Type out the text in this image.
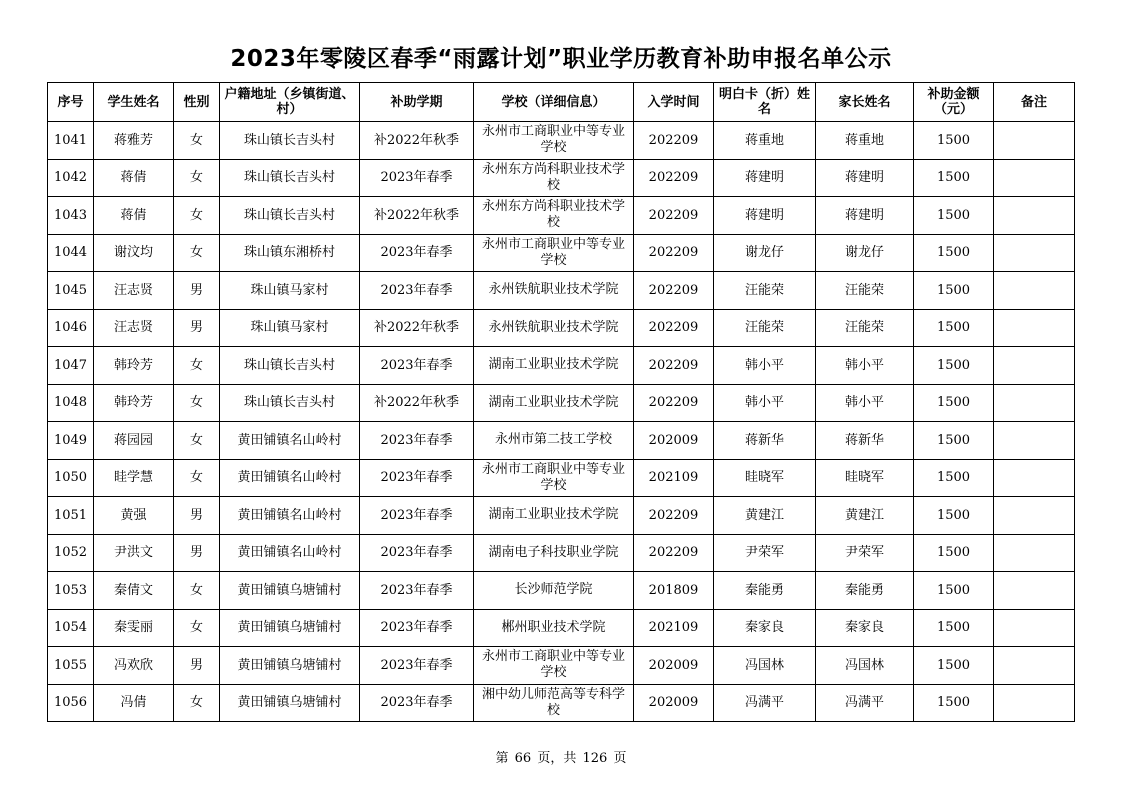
2023年零陵区春季“雨露计划”职业学历教育补助申报名单公示
序号	学生姓名	性别	户籍地址（乡镇街道、村）	补助学期	学校（详细信息）	入学时间	明白卡（折）姓名	家长姓名	补助金额（元）	备注
1041	蒋雅芳	女	珠山镇长吉头村	补2022年秋季	永州市工商职业中等专业学校	202209	蒋重地	蒋重地	1500	
1042	蒋倩	女	珠山镇长吉头村	2023年春季	永州东方尚科职业技术学校	202209	蒋建明	蒋建明	1500	
1043	蒋倩	女	珠山镇长吉头村	补2022年秋季	永州东方尚科职业技术学校	202209	蒋建明	蒋建明	1500	
1044	谢汶均	女	珠山镇东湘桥村	2023年春季	永州市工商职业中等专业学校	202209	谢龙仔	谢龙仔	1500	
1045	汪志贤	男	珠山镇马家村	2023年春季	永州铁航职业技术学院	202209	汪能荣	汪能荣	1500	
1046	汪志贤	男	珠山镇马家村	补2022年秋季	永州铁航职业技术学院	202209	汪能荣	汪能荣	1500	
1047	韩玲芳	女	珠山镇长吉头村	2023年春季	湖南工业职业技术学院	202209	韩小平	韩小平	1500	
1048	韩玲芳	女	珠山镇长吉头村	补2022年秋季	湖南工业职业技术学院	202209	韩小平	韩小平	1500	
1049	蒋园园	女	黄田铺镇名山岭村	2023年春季	永州市第二技工学校	202009	蒋新华	蒋新华	1500	
1050	眭学慧	女	黄田铺镇名山岭村	2023年春季	永州市工商职业中等专业学校	202109	眭晓军	眭晓军	1500	
1051	黄强	男	黄田铺镇名山岭村	2023年春季	湖南工业职业技术学院	202209	黄建江	黄建江	1500	
1052	尹洪文	男	黄田铺镇名山岭村	2023年春季	湖南电子科技职业学院	202209	尹荣军	尹荣军	1500	
1053	秦倩文	女	黄田铺镇乌塘铺村	2023年春季	长沙师范学院	201809	秦能勇	秦能勇	1500	
1054	秦雯丽	女	黄田铺镇乌塘铺村	2023年春季	郴州职业技术学院	202109	秦家良	秦家良	1500	
1055	冯欢欣	男	黄田铺镇乌塘铺村	2023年春季	永州市工商职业中等专业学校	202009	冯国林	冯国林	1500	
1056	冯倩	女	黄田铺镇乌塘铺村	2023年春季	湘中幼儿师范高等专科学校	202009	冯满平	冯满平	1500	
第 66 页，共 126 页
